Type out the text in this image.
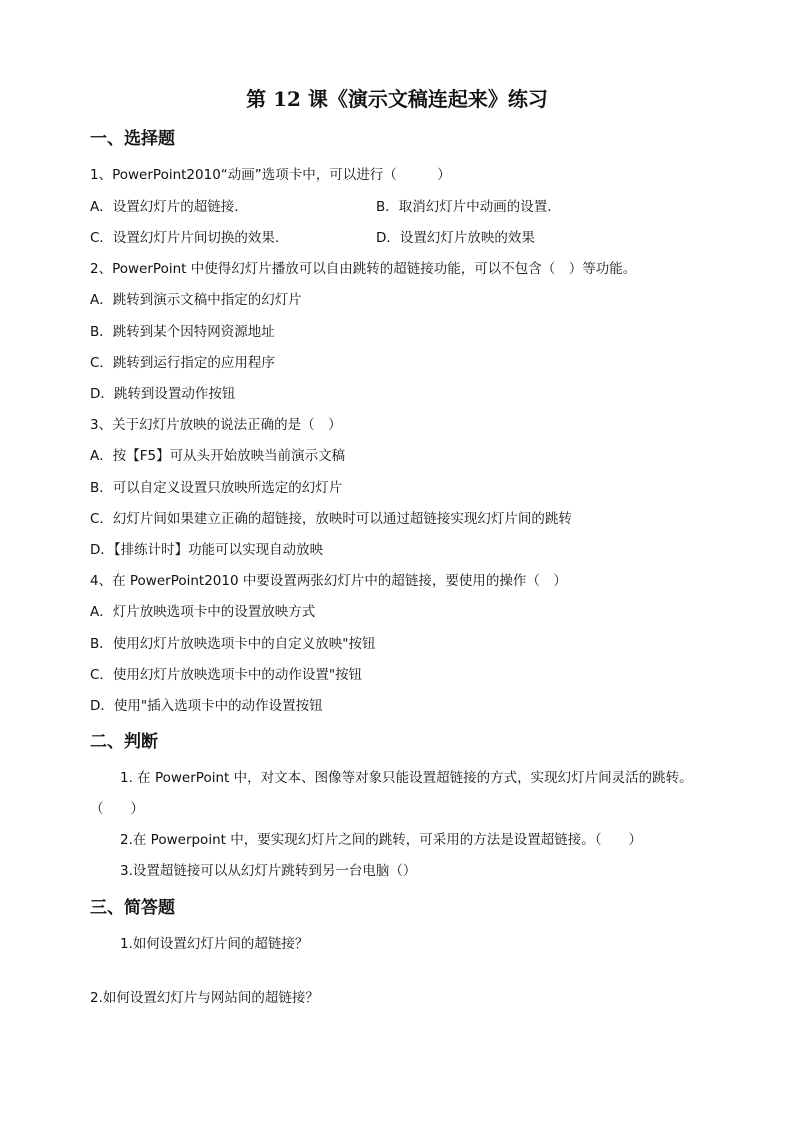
第 12 课《演示文稿连起来》练习
一、选择题
1、PowerPoint2010“动画”选项卡中，可以进行（　　　）
A．设置幻灯片的超链接.	B．取消幻灯片中动画的设置.
C．设置幻灯片片间切换的效果.	D．设置幻灯片放映的效果
2、PowerPoint 中使得幻灯片播放可以自由跳转的超链接功能，可以不包含（　）等功能。
A．跳转到演示文稿中指定的幻灯片
B．跳转到某个因特网资源地址
C．跳转到运行指定的应用程序
D．跳转到设置动作按钮
3、关于幻灯片放映的说法正确的是（　）
A．按【F5】可从头开始放映当前演示文稿
B．可以自定义设置只放映所选定的幻灯片
C．幻灯片间如果建立正确的超链接，放映时可以通过超链接实现幻灯片间的跳转
D．【排练计时】功能可以实现自动放映
4、在 PowerPoint2010 中要设置两张幻灯片中的超链接，要使用的操作（　）
A．灯片放映选项卡中的设置放映方式
B．使用幻灯片放映选项卡中的自定义放映"按钮
C．使用幻灯片放映选项卡中的动作设置"按钮
D．使用"插入选项卡中的动作设置按钮
二、判断
1. 在 PowerPoint 中，对文本、图像等对象只能设置超链接的方式，实现幻灯片间灵活的跳转。
（　　）
2.在 Powerpoint 中，要实现幻灯片之间的跳转，可采用的方法是设置超链接。（　　）
3.设置超链接可以从幻灯片跳转到另一台电脑（）
三、简答题
1.如何设置幻灯片间的超链接？
2.如何设置幻灯片与网站间的超链接？
